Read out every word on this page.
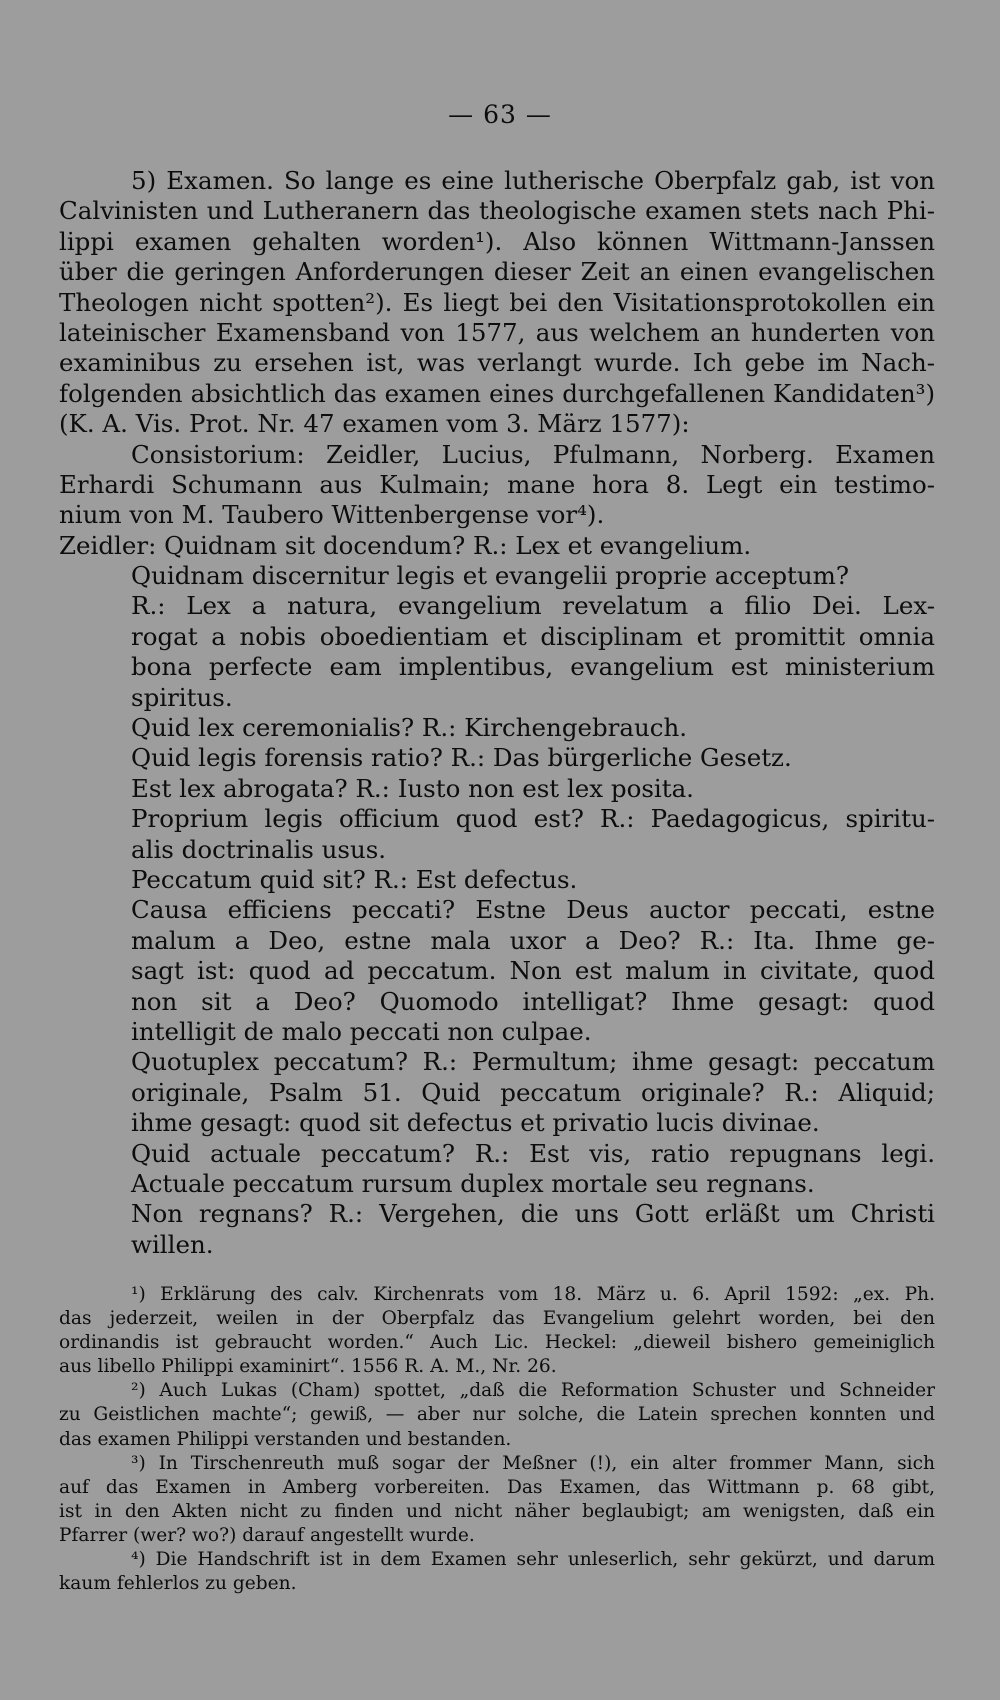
— 63 —
5) Examen. So lange es eine lutherische Oberpfalz gab, ist von
Calvinisten und Lutheranern das theologische examen stets nach Phi-
lippi examen gehalten worden¹). Also können Wittmann-Janssen
über die geringen Anforderungen dieser Zeit an einen evangelischen
Theologen nicht spotten²). Es liegt bei den Visitationsprotokollen ein
lateinischer Examensband von 1577, aus welchem an hunderten von
examinibus zu ersehen ist, was verlangt wurde. Ich gebe im Nach-
folgenden absichtlich das examen eines durchgefallenen Kandidaten³)
(K. A. Vis. Prot. Nr. 47 examen vom 3. März 1577):
Consistorium: Zeidler, Lucius, Pfulmann, Norberg. Examen
Erhardi Schumann aus Kulmain; mane hora 8. Legt ein testimo-
nium von M. Taubero Wittenbergense vor⁴).
Zeidler: Quidnam sit docendum? R.: Lex et evangelium.
Quidnam discernitur legis et evangelii proprie acceptum?
R.: Lex a natura, evangelium revelatum a filio Dei. Lex-
rogat a nobis oboedientiam et disciplinam et promittit omnia
bona perfecte eam implentibus, evangelium est ministerium
spiritus.
Quid lex ceremonialis? R.: Kirchengebrauch.
Quid legis forensis ratio? R.: Das bürgerliche Gesetz.
Est lex abrogata? R.: Iusto non est lex posita.
Proprium legis officium quod est? R.: Paedagogicus, spiritu-
alis doctrinalis usus.
Peccatum quid sit? R.: Est defectus.
Causa efficiens peccati? Estne Deus auctor peccati, estne
malum a Deo, estne mala uxor a Deo? R.: Ita. Ihme ge-
sagt ist: quod ad peccatum. Non est malum in civitate, quod
non sit a Deo? Quomodo intelligat? Ihme gesagt: quod
intelligit de malo peccati non culpae.
Quotuplex peccatum? R.: Permultum; ihme gesagt: peccatum
originale, Psalm 51. Quid peccatum originale? R.: Aliquid;
ihme gesagt: quod sit defectus et privatio lucis divinae.
Quid actuale peccatum? R.: Est vis, ratio repugnans legi.
Actuale peccatum rursum duplex mortale seu regnans.
Non regnans? R.: Vergehen, die uns Gott erläßt um Christi
willen.
¹) Erklärung des calv. Kirchenrats vom 18. März u. 6. April 1592: „ex. Ph.
das jederzeit, weilen in der Oberpfalz das Evangelium gelehrt worden, bei den
ordinandis ist gebraucht worden.“ Auch Lic. Heckel: „dieweil bishero gemeiniglich
aus libello Philippi examinirt“. 1556 R. A. M., Nr. 26.
²) Auch Lukas (Cham) spottet, „daß die Reformation Schuster und Schneider
zu Geistlichen machte“; gewiß, — aber nur solche, die Latein sprechen konnten und
das examen Philippi verstanden und bestanden.
³) In Tirschenreuth muß sogar der Meßner (!), ein alter frommer Mann, sich
auf das Examen in Amberg vorbereiten. Das Examen, das Wittmann p. 68 gibt,
ist in den Akten nicht zu finden und nicht näher beglaubigt; am wenigsten, daß ein
Pfarrer (wer? wo?) darauf angestellt wurde.
⁴) Die Handschrift ist in dem Examen sehr unleserlich, sehr gekürzt, und darum
kaum fehlerlos zu geben.
